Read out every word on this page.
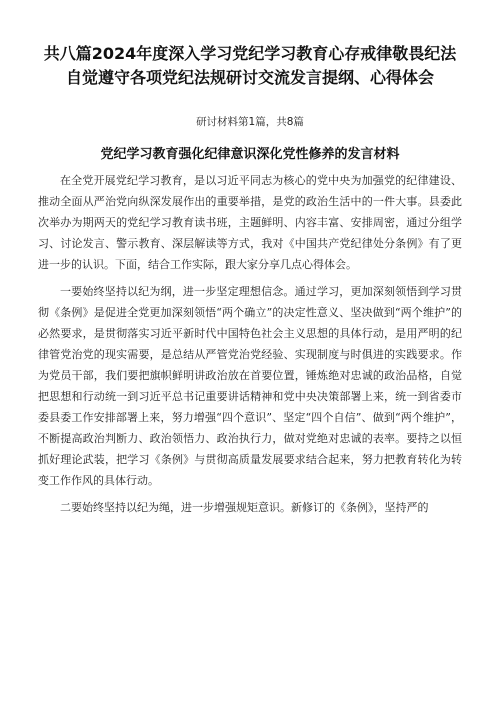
共八篇2024年度深入学习党纪学习教育心存戒律敬畏纪法自觉遵守各项党纪法规研讨交流发言提纲、心得体会
研讨材料第1篇，共8篇
党纪学习教育强化纪律意识深化党性修养的发言材料

在全党开展党纪学习教育，是以习近平同志为核心的党中央为加强党的纪律建设、推动全面从严治党向纵深发展作出的重要举措，是党的政治生活中的一件大事。县委此次举办为期两天的党纪学习教育读书班，主题鲜明、内容丰富、安排周密，通过分组学习、讨论发言、警示教育、深层解读等方式，我对《中国共产党纪律处分条例》有了更进一步的认识。下面，结合工作实际，跟大家分享几点心得体会。

一要始终坚持以纪为纲，进一步坚定理想信念。通过学习，更加深刻领悟到学习贯彻《条例》是促进全党更加深刻领悟“两个确立”的决定性意义、坚决做到“两个维护”的必然要求，是贯彻落实习近平新时代中国特色社会主义思想的具体行动，是用严明的纪律管党治党的现实需要，是总结从严管党治党经验、实现制度与时俱进的实践要求。作为党员干部，我们要把旗帜鲜明讲政治放在首要位置，锤炼绝对忠诚的政治品格，自觉把思想和行动统一到习近平总书记重要讲话精神和党中央决策部署上来，统一到省委市委县委工作安排部署上来，努力增强“四个意识”、坚定“四个自信”、做到“两个维护”，不断提高政治判断力、政治领悟力、政治执行力，做对党绝对忠诚的表率。要持之以恒抓好理论武装，把学习《条例》与贯彻高质量发展要求结合起来，努力把教育转化为转变工作作风的具体行动。

二要始终坚持以纪为绳，进一步增强规矩意识。新修订的《条例》，坚持严的
